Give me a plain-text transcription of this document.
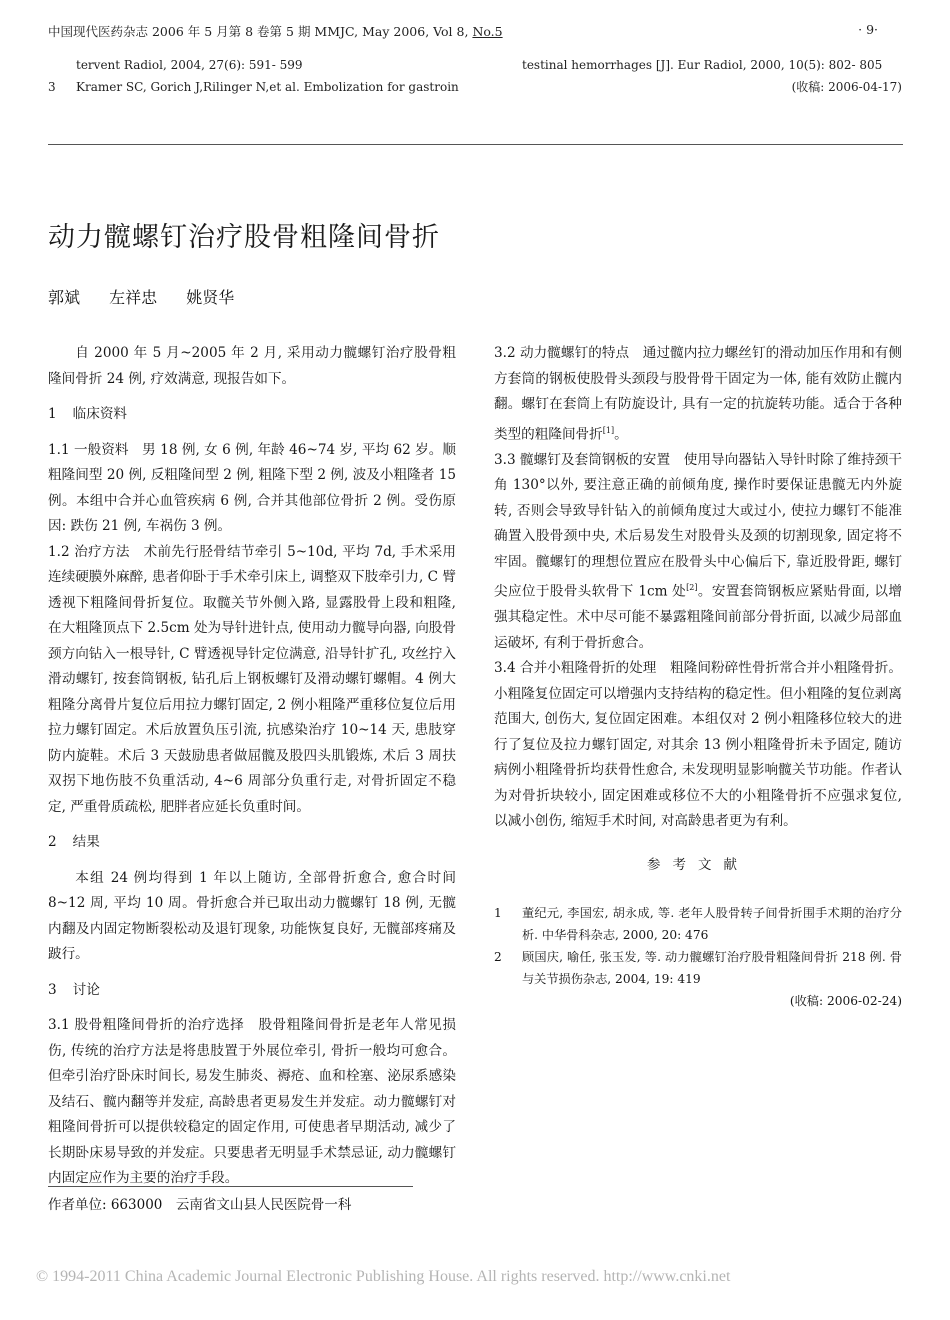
中国现代医药杂志 2006 年 5 月第 8 卷第 5 期 MMJC, May 2006, Vol 8, No.5	· 9·
tervent Radiol, 2004, 27(6): 591- 599
3 Kramer SC, Gorich J,Rilinger N,et al. Embolization for gastroin
testinal hemorrhages [J]. Eur Radiol, 2000, 10(5): 802- 805
(收稿: 2006-04-17)
动力髋螺钉治疗股骨粗隆间骨折
郭斌 左祥忠 姚贤华

自 2000 年 5 月~2005 年 2 月, 采用动力髋螺钉治疗股骨粗隆间骨折 24 例, 疗效满意, 现报告如下。

1 临床资料

1.1 一般资料　男 18 例, 女 6 例, 年龄 46~74 岁, 平均 62 岁。顺粗隆间型 20 例, 反粗隆间型 2 例, 粗隆下型 2 例, 波及小粗隆者 15 例。本组中合并心血管疾病 6 例, 合并其他部位骨折 2 例。受伤原因: 跌伤 21 例, 车祸伤 3 例。

1.2 治疗方法　术前先行胫骨结节牵引 5~10d, 平均 7d, 手术采用连续硬膜外麻醉, 患者仰卧于手术牵引床上, 调整双下肢牵引力, C 臂透视下粗隆间骨折复位。取髋关节外侧入路, 显露股骨上段和粗隆, 在大粗隆顶点下 2.5cm 处为导针进针点, 使用动力髋导向器, 向股骨颈方向钻入一根导针, C 臂透视导针定位满意, 沿导针扩孔, 攻丝拧入滑动螺钉, 按套筒钢板, 钻孔后上钢板螺钉及滑动螺钉螺帽。4 例大粗隆分离骨片复位后用拉力螺钉固定, 2 例小粗隆严重移位复位后用拉力螺钉固定。术后放置负压引流, 抗感染治疗 10~14 天, 患肢穿防内旋鞋。术后 3 天鼓励患者做屈髋及股四头肌锻炼, 术后 3 周扶双拐下地伤肢不负重活动, 4~6 周部分负重行走, 对骨折固定不稳定, 严重骨质疏松, 肥胖者应延长负重时间。

2 结果

本组 24 例均得到 1 年以上随访, 全部骨折愈合, 愈合时间 8~12 周, 平均 10 周。骨折愈合并已取出动力髋螺钉 18 例, 无髋内翻及内固定物断裂松动及退钉现象, 功能恢复良好, 无髋部疼痛及跛行。

3 讨论

3.1 股骨粗隆间骨折的治疗选择　股骨粗隆间骨折是老年人常见损伤, 传统的治疗方法是将患肢置于外展位牵引, 骨折一般均可愈合。但牵引治疗卧床时间长, 易发生肺炎、褥疮、血和栓塞、泌尿系感染及结石、髋内翻等并发症, 高龄患者更易发生并发症。动力髋螺钉对粗隆间骨折可以提供较稳定的固定作用, 可使患者早期活动, 减少了长期卧床易导致的并发症。只要患者无明显手术禁忌证, 动力髋螺钉内固定应作为主要的治疗手段。

3.2 动力髋螺钉的特点　通过髋内拉力螺丝钉的滑动加压作用和有侧方套筒的钢板使股骨头颈段与股骨骨干固定为一体, 能有效防止髋内翻。螺钉在套筒上有防旋设计, 具有一定的抗旋转功能。适合于各种类型的粗隆间骨折[1]。

3.3 髋螺钉及套筒钢板的安置　使用导向器钻入导针时除了维持颈干角 130°以外, 要注意正确的前倾角度, 操作时要保证患髋无内外旋转, 否则会导致导针钻入的前倾角度过大或过小, 使拉力螺钉不能准确置入股骨颈中央, 术后易发生对股骨头及颈的切割现象, 固定将不牢固。髋螺钉的理想位置应在股骨头中心偏后下, 靠近股骨距, 螺钉尖应位于股骨头软骨下 1cm 处[2]。安置套筒钢板应紧贴骨面, 以增强其稳定性。术中尽可能不暴露粗隆间前部分骨折面, 以减少局部血运破坏, 有利于骨折愈合。

3.4 合并小粗隆骨折的处理　粗隆间粉碎性骨折常合并小粗隆骨折。小粗隆复位固定可以增强内支持结构的稳定性。但小粗隆的复位剥离范围大, 创伤大, 复位固定困难。本组仅对 2 例小粗隆移位较大的进行了复位及拉力螺钉固定, 对其余 13 例小粗隆骨折未予固定, 随访病例小粗隆骨折均获骨性愈合, 未发现明显影响髋关节功能。作者认为对骨折块较小, 固定困难或移位不大的小粗隆骨折不应强求复位, 以减小创伤, 缩短手术时间, 对高龄患者更为有利。

参考文献
1 董纪元, 李国宏, 胡永成, 等. 老年人股骨转子间骨折围手术期的治疗分析. 中华骨科杂志, 2000, 20: 476
2 顾国庆, 喻任, 张玉发, 等. 动力髋螺钉治疗股骨粗隆间骨折 218 例. 骨与关节损伤杂志, 2004, 19: 419
(收稿: 2006-02-24)
作者单位: 663000　云南省文山县人民医院骨一科
© 1994-2011 China Academic Journal Electronic Publishing House. All rights reserved. http://www.cnki.net
